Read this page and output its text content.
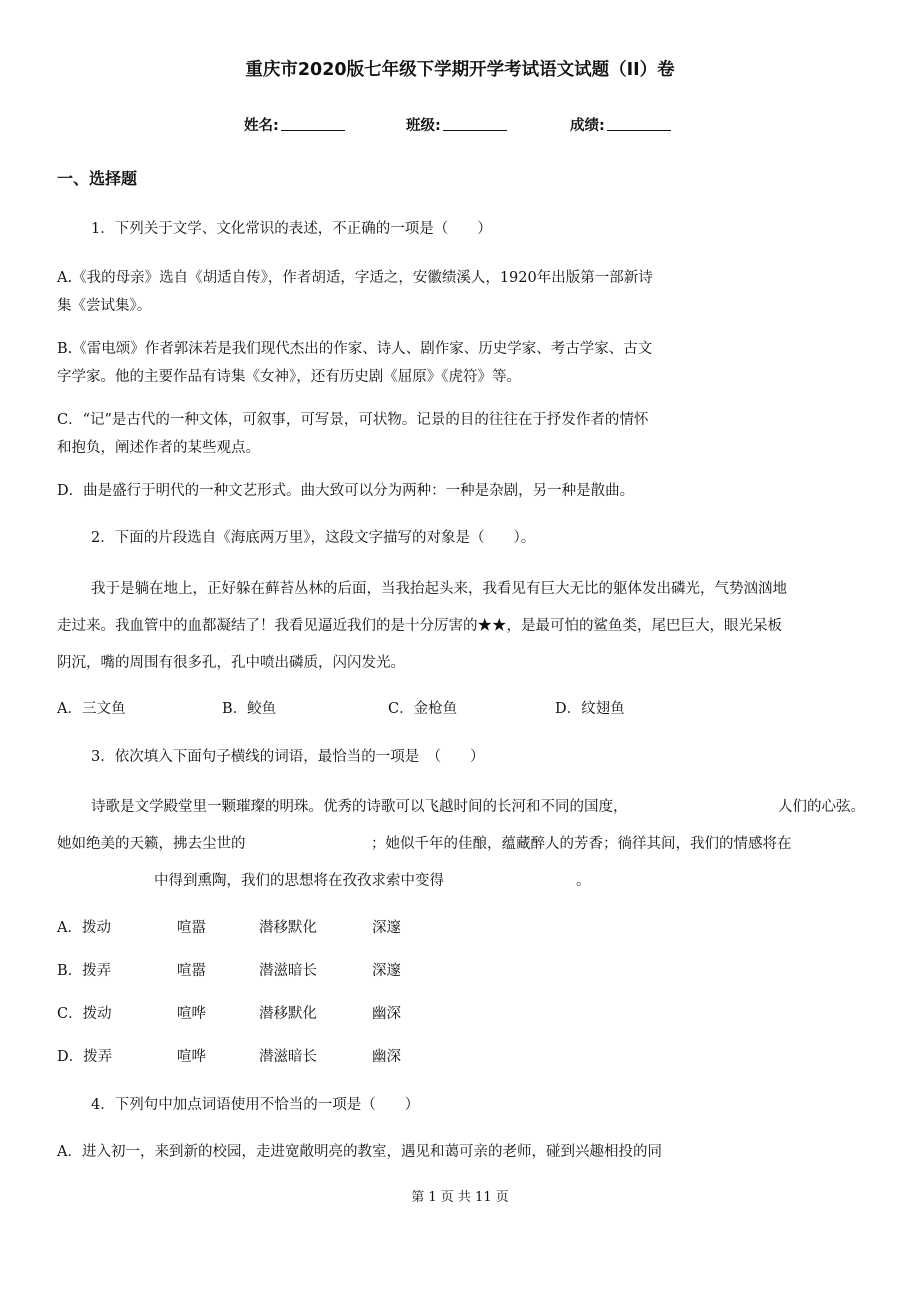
重庆市2020版七年级下学期开学考试语文试题（II）卷
姓名:	班级:	成绩:
一、选择题
1．下列关于文学、文化常识的表述，不正确的一项是（　　）
A.《我的母亲》选自《胡适自传》，作者胡适，字适之，安徽绩溪人，1920年出版第一部新诗
集《尝试集》。
B.《雷电颂》作者郭沫若是我们现代杰出的作家、诗人、剧作家、历史学家、考古学家、古文
字学家。他的主要作品有诗集《女神》，还有历史剧《屈原》《虎符》等。
C．“记”是古代的一种文体，可叙事，可写景，可状物。记景的目的往往在于抒发作者的情怀
和抱负，阐述作者的某些观点。
D．曲是盛行于明代的一种文艺形式。曲大致可以分为两种：一种是杂剧，另一种是散曲。
2．下面的片段选自《海底两万里》，这段文字描写的对象是（　　）。
我于是躺在地上，正好躲在藓苔丛林的后面，当我抬起头来，我看见有巨大无比的躯体发出磷光，气势汹汹地
走过来。我血管中的血都凝结了！我看见逼近我们的是十分厉害的★★，是最可怕的鲨鱼类，尾巴巨大，眼光呆板
阴沉，嘴的周围有很多孔，孔中喷出磷质，闪闪发光。
A．三文鱼	B．鲛鱼	C．金枪鱼	D．纹翅鱼
3．依次填入下面句子横线的词语，最恰当的一项是　（　　）
诗歌是文学殿堂里一颗璀璨的明珠。优秀的诗歌可以飞越时间的长河和不同的国度，	人们的心弦。
她如绝美的天籁，拂去尘世的	；她似千年的佳酿，蕴藏醉人的芳香；徜徉其间，我们的情感将在
中得到熏陶，我们的思想将在孜孜求索中变得	。
A．拨动	喧嚣	潜移默化	深邃
B．拨弄	喧嚣	潜滋暗长	深邃
C．拨动	喧哗	潜移默化	幽深
D．拨弄	喧哗	潜滋暗长	幽深
4．下列句中加点词语使用不恰当的一项是（　　）
A．进入初一，来到新的校园，走进宽敞明亮的教室，遇见和蔼可亲的老师，碰到兴趣相投的同
第 1 页 共 11 页
